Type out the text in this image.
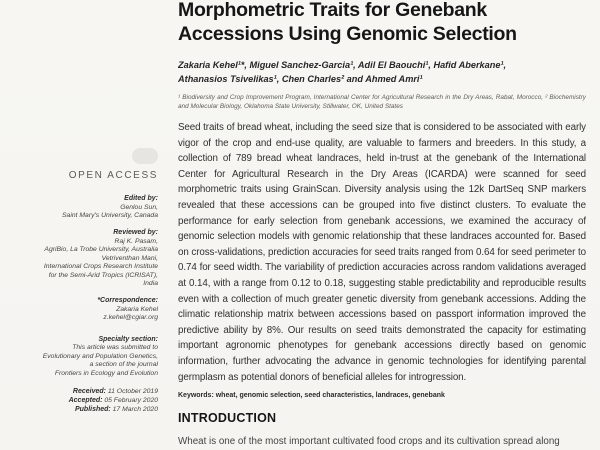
OPEN ACCESS
Edited by:
Genlou Sun,
Saint Mary's University, Canada
Reviewed by:
Raj K. Pasam,
AgriBio, La Trobe University, Australia
Vetriventhan Mani,
International Crops Research Institute
for the Semi-Arid Tropics (ICRISAT),
India
*Correspondence:
Zakaria Kehel
z.kehel@cgiar.org
Specialty section:
This article was submitted to
Evolutionary and Population Genetics,
a section of the journal
Frontiers in Ecology and Evolution
Received: 11 October 2019
Accepted: 05 February 2020
Published: 17 March 2020
Morphometric Traits for Genebank
Accessions Using Genomic Selection
Zakaria Kehel¹*, Miguel Sanchez-Garcia¹, Adil El Baouchi¹, Hafid Aberkane¹,
Athanasios Tsivelikas¹, Chen Charles² and Ahmed Amri¹
¹ Biodiversity and Crop Improvement Program, International Center for Agricultural Research in the Dry Areas, Rabat, Morocco, ² Biochemistry and Molecular Biology, Oklahoma State University, Stillwater, OK, United States
Seed traits of bread wheat, including the seed size that is considered to be associated with early vigor of the crop and end-use quality, are valuable to farmers and breeders. In this study, a collection of 789 bread wheat landraces, held in-trust at the genebank of the International Center for Agricultural Research in the Dry Areas (ICARDA) were scanned for seed morphometric traits using GrainScan. Diversity analysis using the 12k DartSeq SNP markers revealed that these accessions can be grouped into five distinct clusters. To evaluate the performance for early selection from genebank accessions, we examined the accuracy of genomic selection models with genomic relationship that these landraces accounted for. Based on cross-validations, prediction accuracies for seed traits ranged from 0.64 for seed perimeter to 0.74 for seed width. The variability of prediction accuracies across random validations averaged at 0.14, with a range from 0.12 to 0.18, suggesting stable predictability and reproducible results even with a collection of much greater genetic diversity from genebank accessions. Adding the climatic relationship matrix between accessions based on passport information improved the predictive ability by 8%. Our results on seed traits demonstrated the capacity for estimating important agronomic phenotypes for genebank accessions directly based on genomic information, further advocating the advance in genomic technologies for identifying parental germplasm as potential donors of beneficial alleles for introgression.
Keywords: wheat, genomic selection, seed characteristics, landraces, genebank
INTRODUCTION
Wheat is one of the most important cultivated food crops and its cultivation spread along
